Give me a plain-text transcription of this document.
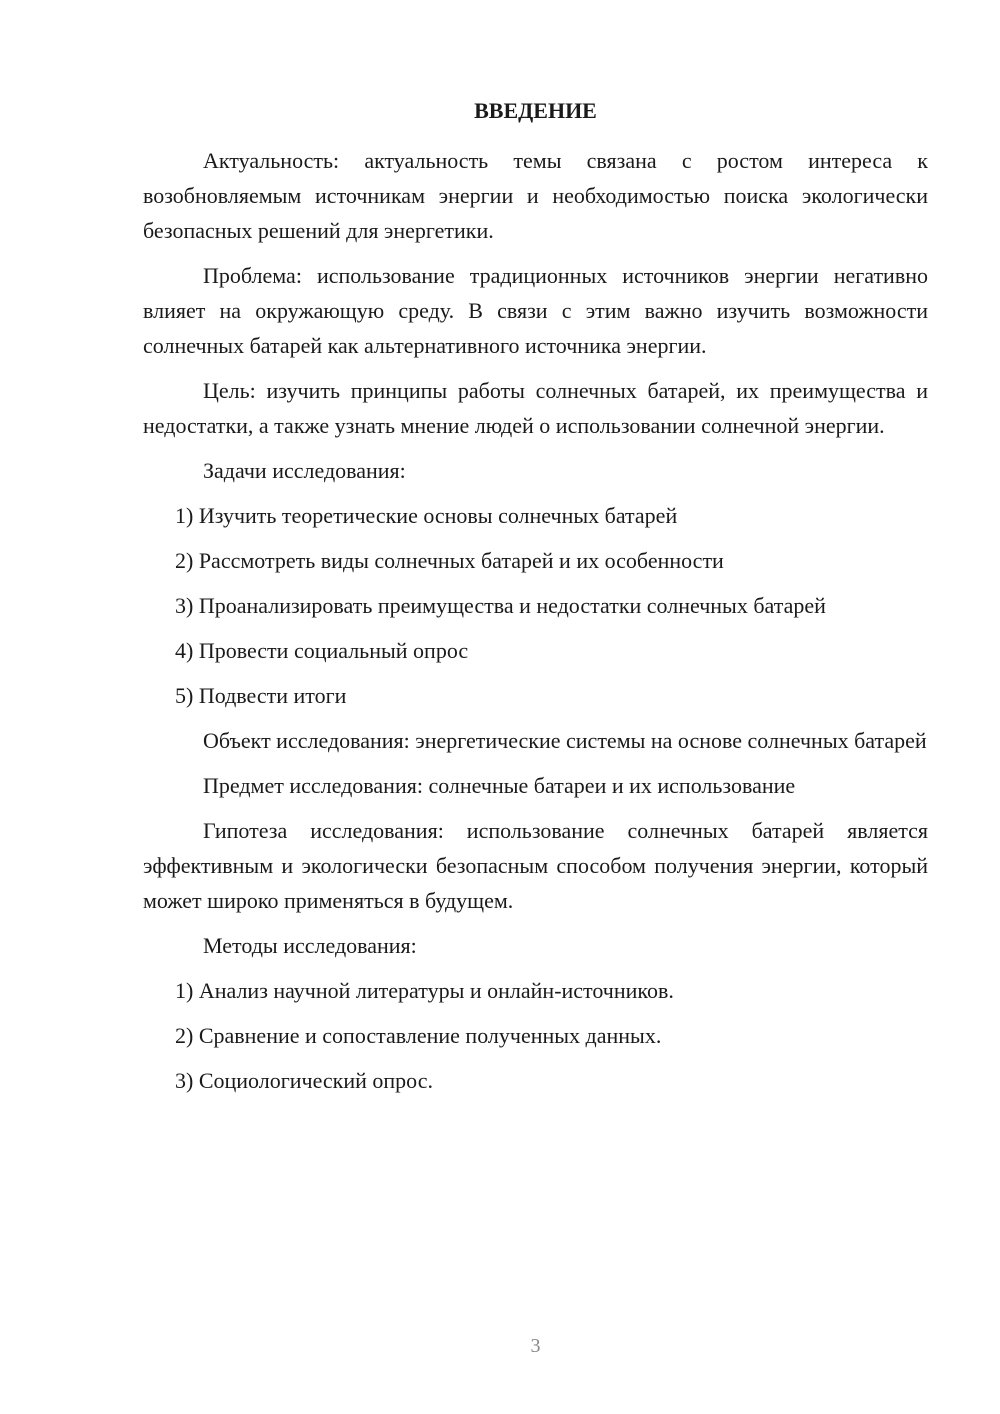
ВВЕДЕНИЕ

Актуальность: актуальность темы связана с ростом интереса к возобновляемым источникам энергии и необходимостью поиска экологически безопасных решений для энергетики.

Проблема: использование традиционных источников энергии негативно влияет на окружающую среду. В связи с этим важно изучить возможности солнечных батарей как альтернативного источника энергии.

Цель: изучить принципы работы солнечных батарей, их преимущества и недостатки, а также узнать мнение людей о использовании солнечной энергии.

Задачи исследования:

1) Изучить теоретические основы солнечных батарей

2) Рассмотреть виды солнечных батарей и их особенности

3) Проанализировать преимущества и недостатки солнечных батарей

4) Провести социальный опрос

5) Подвести итоги

Объект исследования: энергетические системы на основе солнечных батарей

Предмет исследования: солнечные батареи и их использование

Гипотеза исследования: использование солнечных батарей является эффективным и экологически безопасным способом получения энергии, который может широко применяться в будущем.

Методы исследования:

1) Анализ научной литературы и онлайн-источников.

2) Сравнение и сопоставление полученных данных.

3) Социологический опрос.

3
